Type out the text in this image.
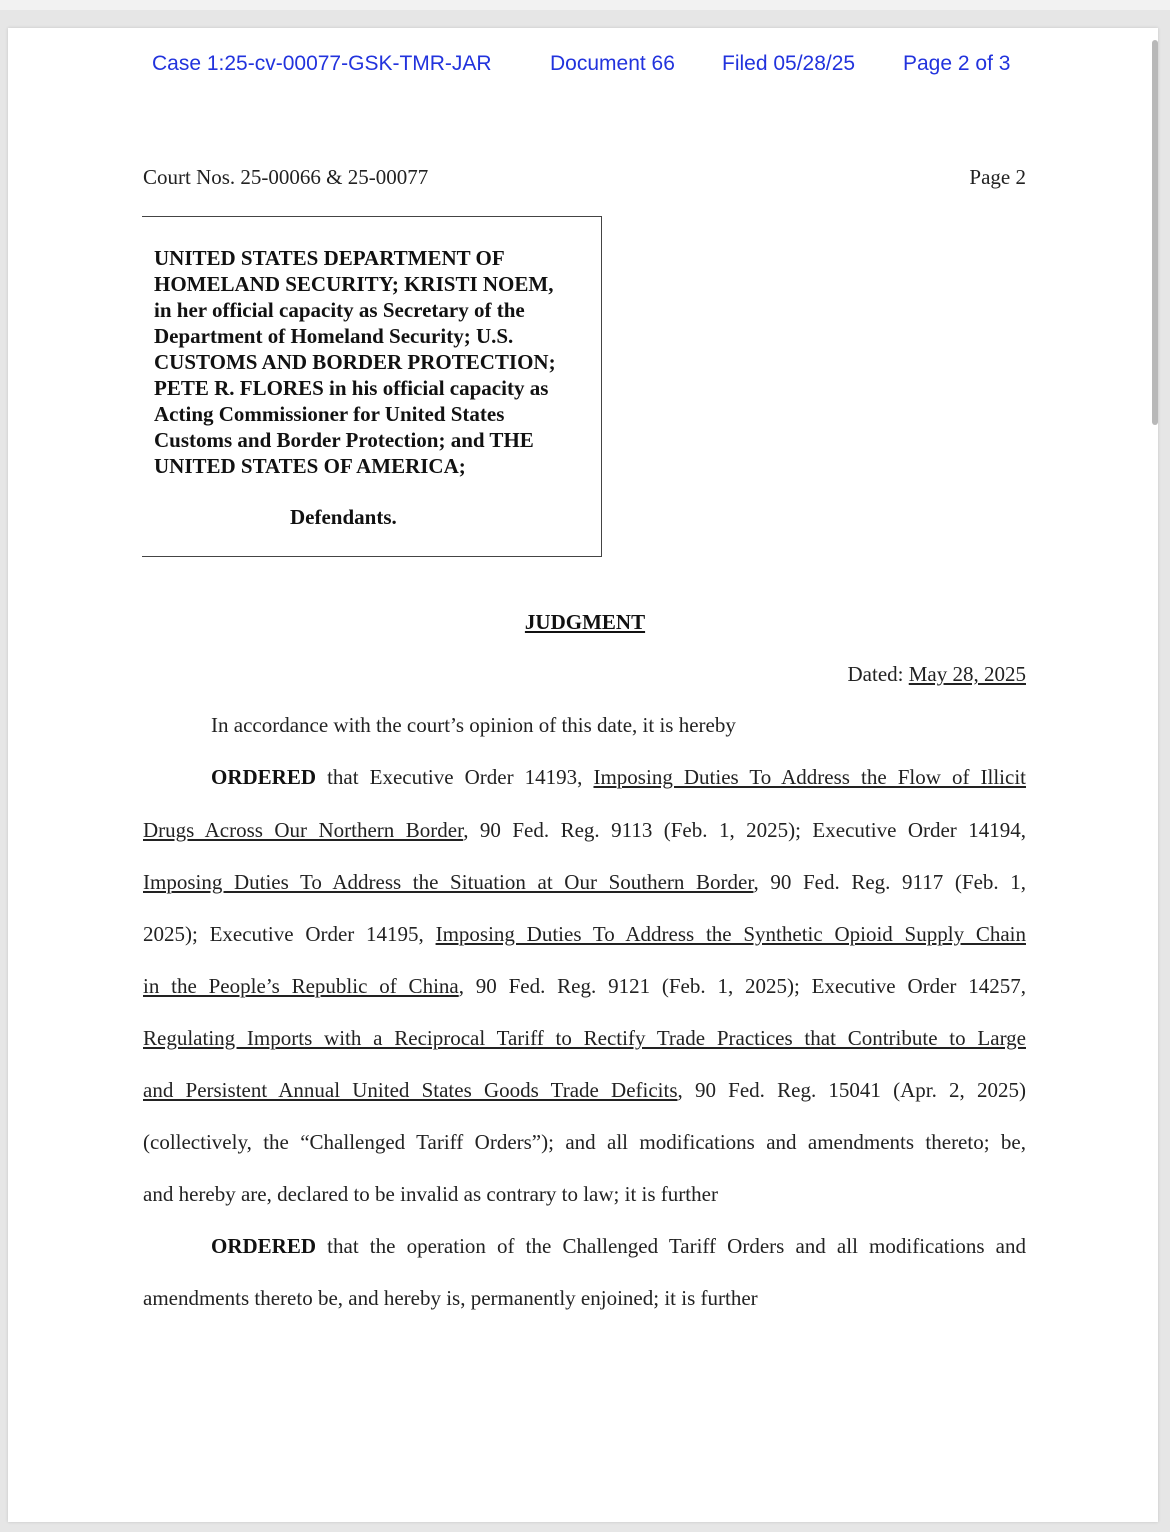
Case 1:25-cv-00077-GSK-TMR-JAR	Document 66 Filed 05/28/25 Page 2 of 3
Court Nos. 25-00066 & 25-00077	Page 2
UNITED STATES DEPARTMENT OF
HOMELAND SECURITY; KRISTI NOEM,
in her official capacity as Secretary of the
Department of Homeland Security; U.S.
CUSTOMS AND BORDER PROTECTION;
PETE R. FLORES in his official capacity as
Acting Commissioner for United States
Customs and Border Protection; and THE
UNITED STATES OF AMERICA;
Defendants.
JUDGMENT
Dated: May 28, 2025
In accordance with the court’s opinion of this date, it is hereby
ORDERED that Executive Order 14193, Imposing Duties To Address the Flow of Illicit
Drugs Across Our Northern Border, 90 Fed. Reg. 9113 (Feb. 1, 2025); Executive Order 14194,
Imposing Duties To Address the Situation at Our Southern Border, 90 Fed. Reg. 9117 (Feb. 1,
2025); Executive Order 14195, Imposing Duties To Address the Synthetic Opioid Supply Chain
in the People’s Republic of China, 90 Fed. Reg. 9121 (Feb. 1, 2025); Executive Order 14257,
Regulating Imports with a Reciprocal Tariff to Rectify Trade Practices that Contribute to Large
and Persistent Annual United States Goods Trade Deficits, 90 Fed. Reg. 15041 (Apr. 2, 2025)
(collectively, the “Challenged Tariff Orders”); and all modifications and amendments thereto; be,
and hereby are, declared to be invalid as contrary to law; it is further
ORDERED that the operation of the Challenged Tariff Orders and all modifications and
amendments thereto be, and hereby is, permanently enjoined; it is further
